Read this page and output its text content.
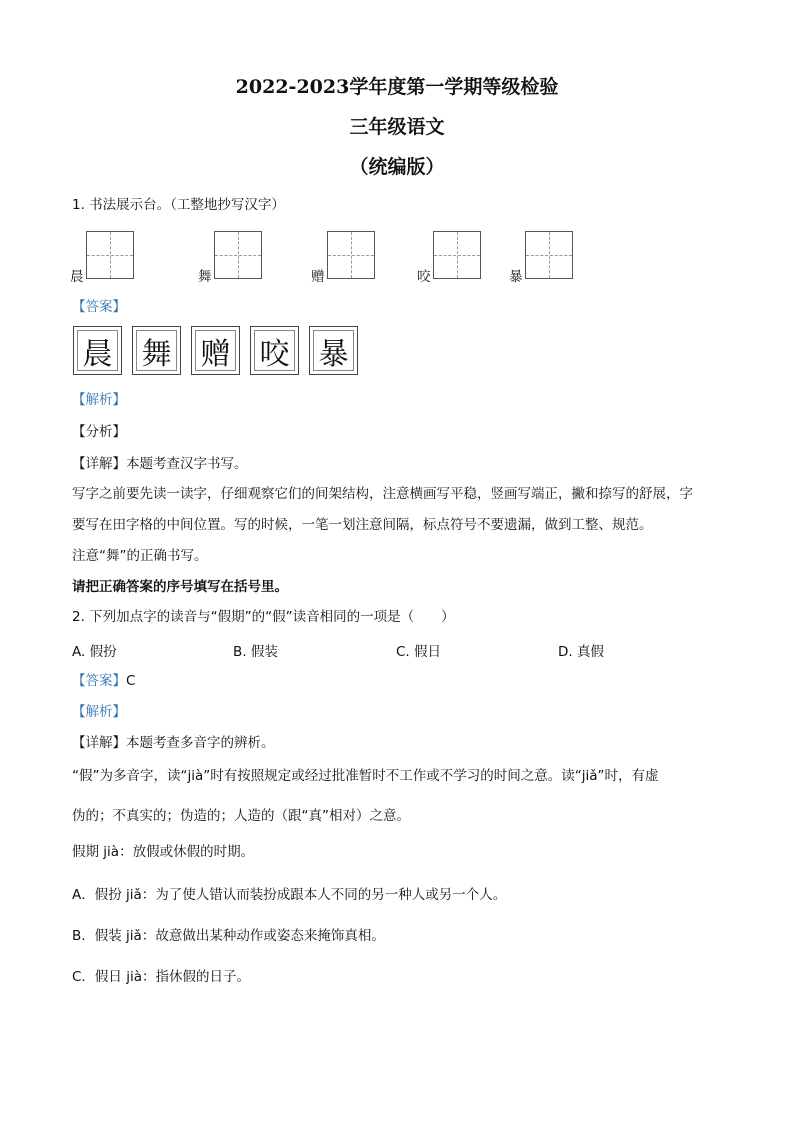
2022-2023学年度第一学期等级检验
三年级语文
（统编版）
1. 书法展示台。（工整地抄写汉字）
晨	舞	赠	咬	暴
【答案】
晨 舞 赠 咬 暴
【解析】
【分析】
【详解】本题考查汉字书写。
写字之前要先读一读字，仔细观察它们的间架结构，注意横画写平稳，竖画写端正，撇和捺写的舒展，字
要写在田字格的中间位置。写的时候，一笔一划注意间隔，标点符号不要遗漏，做到工整、规范。
注意“舞”的正确书写。
请把正确答案的序号填写在括号里。
2. 下列加点字的读音与“假期”的“假”读音相同的一项是（　　）
A. 假扮	B. 假装	C. 假日	D. 真假
【答案】C
【解析】
【详解】本题考查多音字的辨析。
“假”为多音字，读“jià”时有按照规定或经过批准暂时不工作或不学习的时间之意。读“jiǎ”时，有虚
伪的；不真实的；伪造的；人造的（跟“真”相对）之意。
假期 jià：放假或休假的时期。
A．假扮 jiǎ：为了使人错认而装扮成跟本人不同的另一种人或另一个人。
B．假装 jiǎ：故意做出某种动作或姿态来掩饰真相。
C．假日 jià：指休假的日子。
